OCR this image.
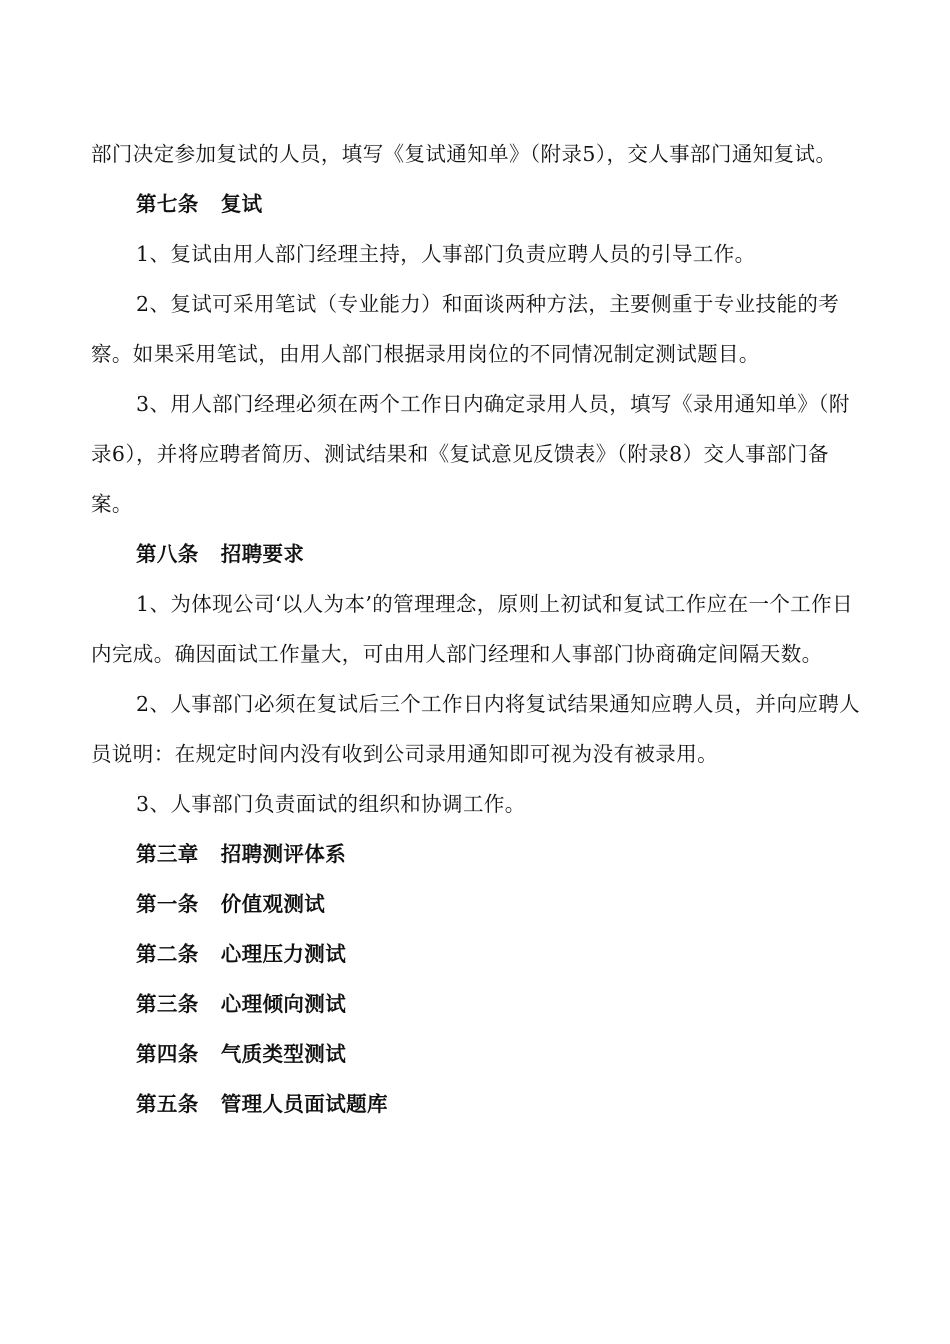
部门决定参加复试的人员，填写《复试通知单》（附录5），交人事部门通知复试。

第七条 复试

1、复试由用人部门经理主持，人事部门负责应聘人员的引导工作。

2、复试可采用笔试（专业能力）和面谈两种方法，主要侧重于专业技能的考察。如果采用笔试，由用人部门根据录用岗位的不同情况制定测试题目。

3、用人部门经理必须在两个工作日内确定录用人员，填写《录用通知单》（附录6），并将应聘者简历、测试结果和《复试意见反馈表》（附录8）交人事部门备案。

第八条 招聘要求

1、为体现公司‘以人为本’的管理理念，原则上初试和复试工作应在一个工作日内完成。确因面试工作量大，可由用人部门经理和人事部门协商确定间隔天数。

2、人事部门必须在复试后三个工作日内将复试结果通知应聘人员，并向应聘人员说明：在规定时间内没有收到公司录用通知即可视为没有被录用。

3、人事部门负责面试的组织和协调工作。

第三章 招聘测评体系

第一条 价值观测试

第二条 心理压力测试

第三条 心理倾向测试

第四条 气质类型测试

第五条 管理人员面试题库
